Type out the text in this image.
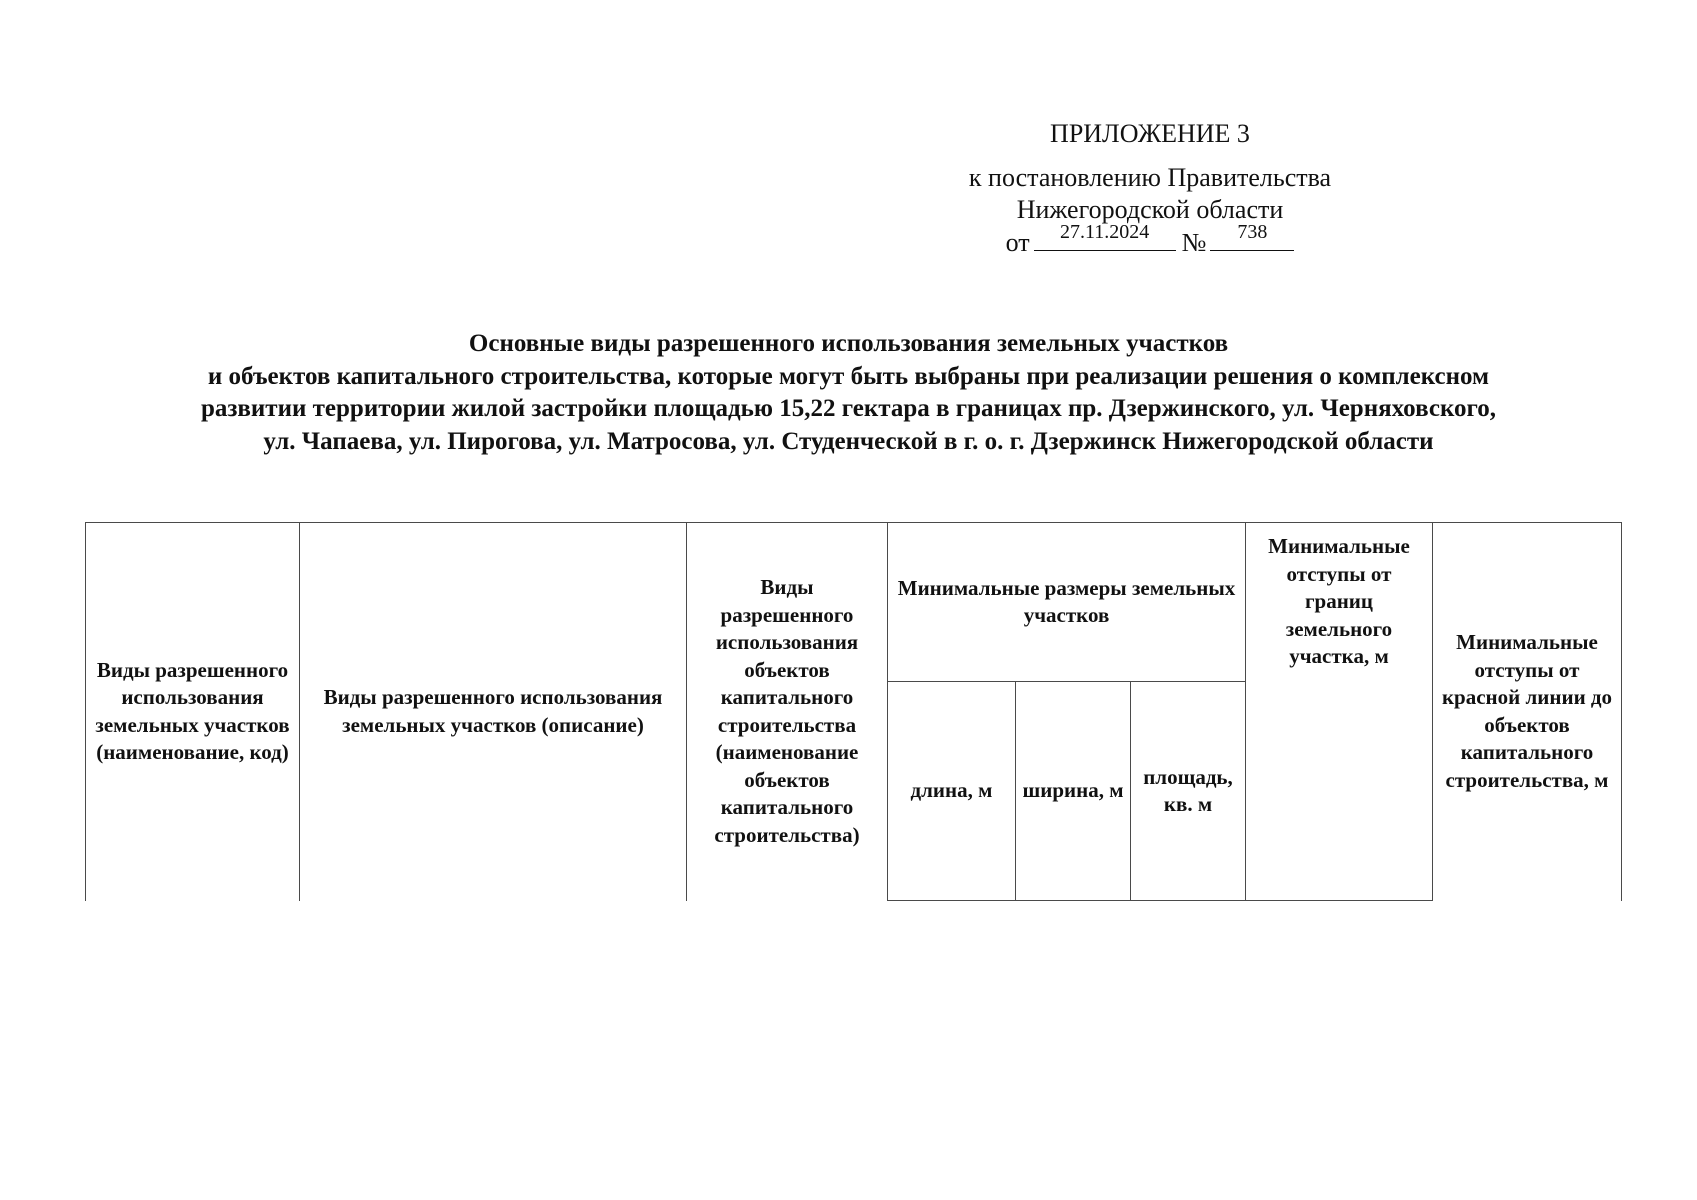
ПРИЛОЖЕНИЕ 3
к постановлению Правительства
Нижегородской области
от	27.11.2024	№	738
Основные виды разрешенного использования земельных участков
и объектов капитального строительства, которые могут быть выбраны при реализации решения о комплексном
развитии территории жилой застройки площадью 15,22 гектара в границах пр. Дзержинского, ул. Черняховского,
ул. Чапаева, ул. Пирогова, ул. Матросова, ул. Студенческой в г. о. г. Дзержинск Нижегородской области
Виды разрешенного использования земельных участков (наименование, код)	Виды разрешенного использования земельных участков (описание)	Виды разрешенного использования объектов капитального строительства (наименование объектов капитального строительства)	Минимальные размеры земельных участков			Минимальные отступы от границ земельного участка, м	Минимальные отступы от красной линии до объектов капитального строительства, м
			длина, м	ширина, м	площадь, кв. м		
